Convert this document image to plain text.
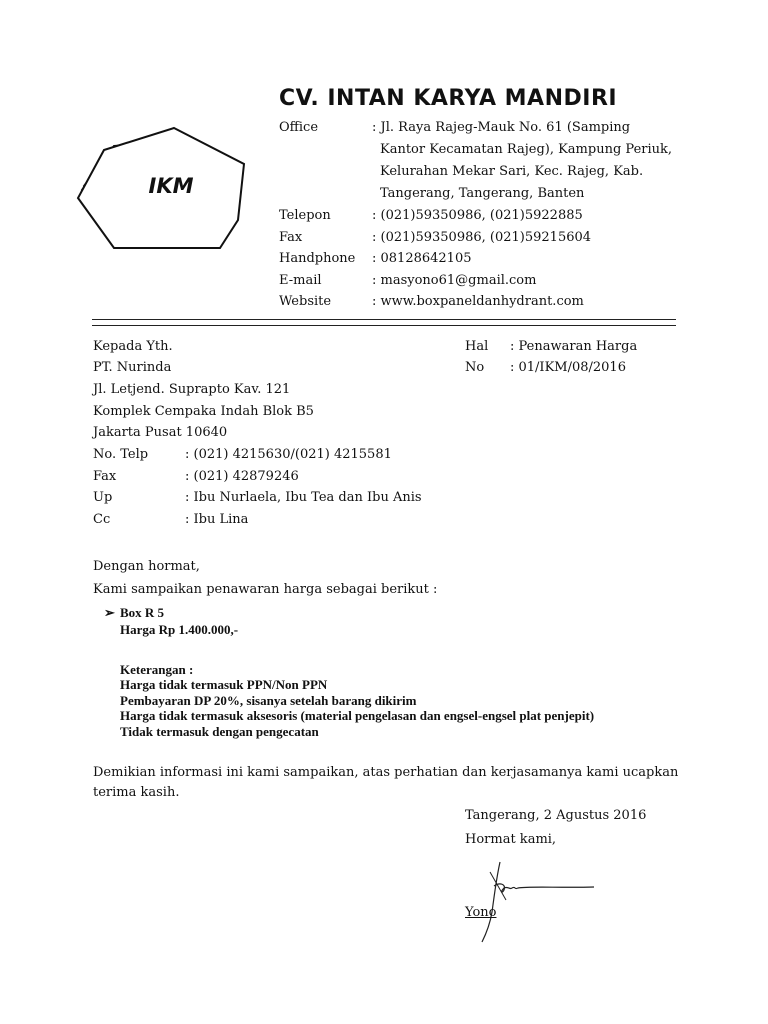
IKM
CV. INTAN KARYA MANDIRI
Office	: Jl. Raya Rajeg-Mauk No. 61 (Samping
Kantor Kecamatan Rajeg), Kampung Periuk,
Kelurahan Mekar Sari, Kec. Rajeg, Kab.
Tangerang, Tangerang, Banten
Telepon	: (021)59350986, (021)5922885
Fax	: (021)59350986, (021)59215604
Handphone : 08128642105
E-mail	: masyono61@gmail.com
Website	: www.boxpaneldanhydrant.com
Kepada Yth.
PT. Nurinda
Jl. Letjend. Suprapto Kav. 121
Komplek Cempaka Indah Blok B5
Jakarta Pusat 10640
No. Telp	: (021) 4215630/(021) 4215581
Fax	: (021) 42879246
Up	: Ibu Nurlaela, Ibu Tea dan Ibu Anis
Cc	: Ibu Lina
Hal : Penawaran Harga
No : 01/IKM/08/2016
Dengan hormat,
Kami sampaikan penawaran harga sebagai berikut :
➢ Box R 5
Harga Rp 1.400.000,-
Keterangan :
Harga tidak termasuk PPN/Non PPN
Pembayaran DP 20%, sisanya setelah barang dikirim
Harga tidak termasuk aksesoris (material pengelasan dan engsel-engsel plat penjepit)
Tidak termasuk dengan pengecatan
Demikian informasi ini kami sampaikan, atas perhatian dan kerjasamanya kami ucapkan
terima kasih.
Tangerang, 2 Agustus 2016
Hormat kami,
Yono
